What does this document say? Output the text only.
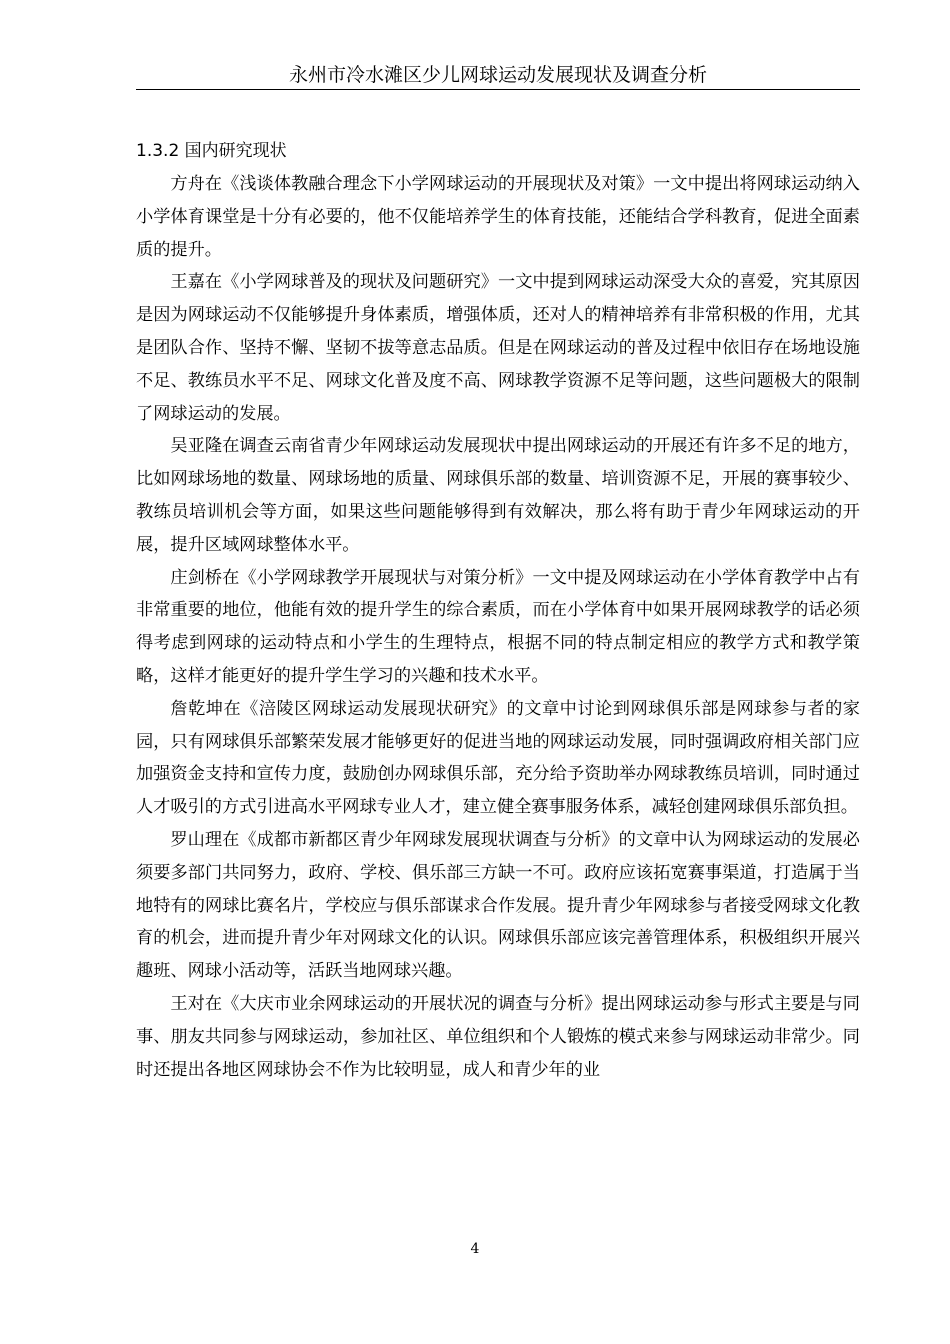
永州市冷水滩区少儿网球运动发展现状及调查分析
1.3.2 国内研究现状

方舟在《浅谈体教融合理念下小学网球运动的开展现状及对策》一文中提出将网球运动纳入小学体育课堂是十分有必要的，他不仅能培养学生的体育技能，还能结合学科教育，促进全面素质的提升。

王嘉在《小学网球普及的现状及问题研究》一文中提到网球运动深受大众的喜爱，究其原因是因为网球运动不仅能够提升身体素质，增强体质，还对人的精神培养有非常积极的作用，尤其是团队合作、坚持不懈、坚韧不拔等意志品质。但是在网球运动的普及过程中依旧存在场地设施不足、教练员水平不足、网球文化普及度不高、网球教学资源不足等问题，这些问题极大的限制了网球运动的发展。

吴亚隆在调查云南省青少年网球运动发展现状中提出网球运动的开展还有许多不足的地方，比如网球场地的数量、网球场地的质量、网球俱乐部的数量、培训资源不足，开展的赛事较少、教练员培训机会等方面，如果这些问题能够得到有效解决，那么将有助于青少年网球运动的开展，提升区域网球整体水平。

庄剑桥在《小学网球教学开展现状与对策分析》一文中提及网球运动在小学体育教学中占有非常重要的地位，他能有效的提升学生的综合素质，而在小学体育中如果开展网球教学的话必须得考虑到网球的运动特点和小学生的生理特点，根据不同的特点制定相应的教学方式和教学策略，这样才能更好的提升学生学习的兴趣和技术水平。

詹乾坤在《涪陵区网球运动发展现状研究》的文章中讨论到网球俱乐部是网球参与者的家园，只有网球俱乐部繁荣发展才能够更好的促进当地的网球运动发展，同时强调政府相关部门应加强资金支持和宣传力度，鼓励创办网球俱乐部，充分给予资助举办网球教练员培训，同时通过人才吸引的方式引进高水平网球专业人才，建立健全赛事服务体系，减轻创建网球俱乐部负担。

罗山理在《成都市新都区青少年网球发展现状调查与分析》的文章中认为网球运动的发展必须要多部门共同努力，政府、学校、俱乐部三方缺一不可。政府应该拓宽赛事渠道，打造属于当地特有的网球比赛名片，学校应与俱乐部谋求合作发展。提升青少年网球参与者接受网球文化教育的机会，进而提升青少年对网球文化的认识。网球俱乐部应该完善管理体系，积极组织开展兴趣班、网球小活动等，活跃当地网球兴趣。

王对在《大庆市业余网球运动的开展状况的调查与分析》提出网球运动参与形式主要是与同事、朋友共同参与网球运动，参加社区、单位组织和个人锻炼的模式来参与网球运动非常少。同时还提出各地区网球协会不作为比较明显，成人和青少年的业

4
